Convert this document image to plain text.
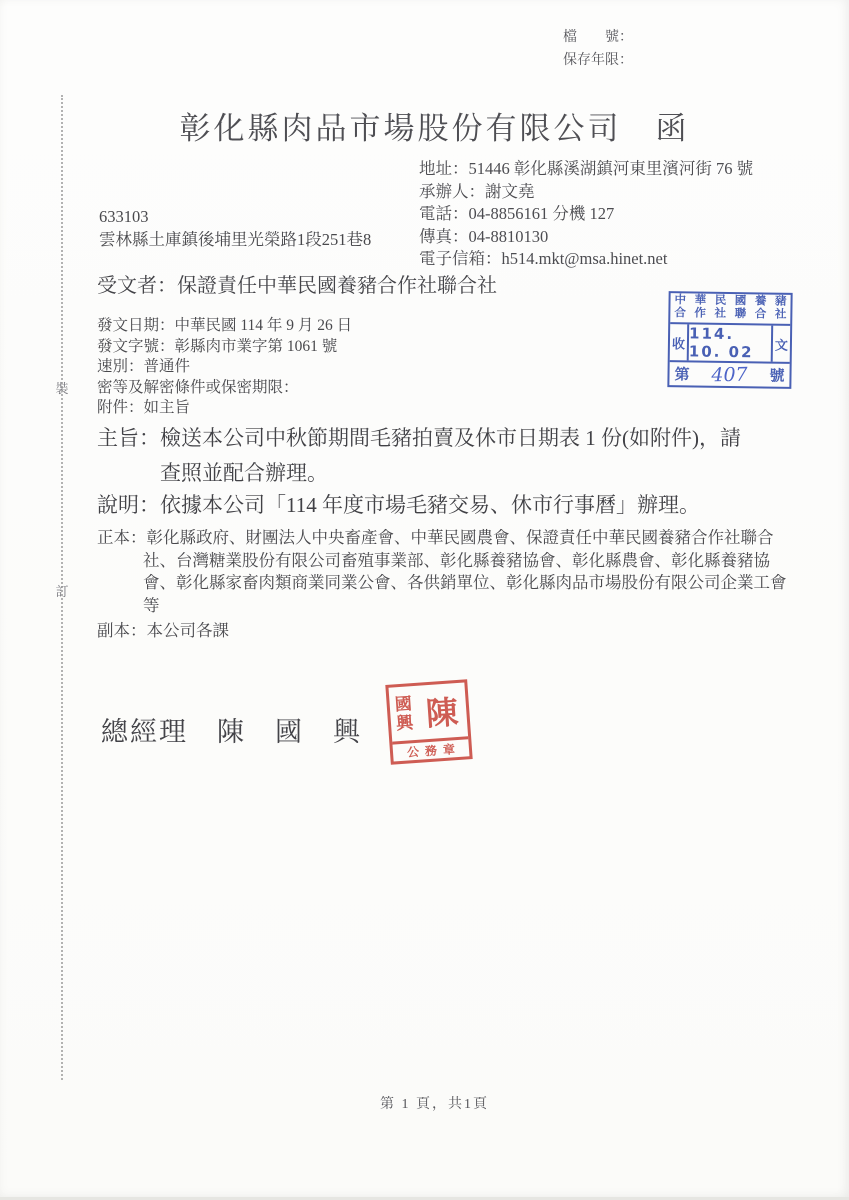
檔　　號：
保存年限：
彰化縣肉品市場股份有限公司　函
地址：51446 彰化縣溪湖鎮河東里濱河街 76 號
承辦人：謝文堯
電話：04-8856161 分機 127
傳真：04-8810130
電子信箱：h514.mkt@msa.hinet.net
633103
雲林縣土庫鎮後埔里光榮路1段251巷8
受文者：保證責任中華民國養豬合作社聯合社
發文日期：中華民國 114 年 9 月 26 日
發文字號：彰縣肉市業字第 1061 號
速別：普通件
密等及解密條件或保密期限：
附件：如主旨
中華民國養豬
合作社聯合社
收
114. 10. 02	文
第	407	號
主旨：檢送本公司中秋節期間毛豬拍賣及休市日期表 1 份(如附件)，請查照並配合辦理。
說明：依據本公司「114 年度市場毛豬交易、休市行事曆」辦理。
正本：彰化縣政府、財團法人中央畜產會、中華民國農會、保證責任中華民國養豬合作社聯合社、台灣糖業股份有限公司畜殖事業部、彰化縣養豬協會、彰化縣農會、彰化縣養豬協會、彰化縣家畜肉類商業同業公會、各供銷單位、彰化縣肉品市場股份有限公司企業工會等
副本：本公司各課
總經理　陳　國　興
國
興 陳
公務章
裝
訂
第 1 頁，共1頁
